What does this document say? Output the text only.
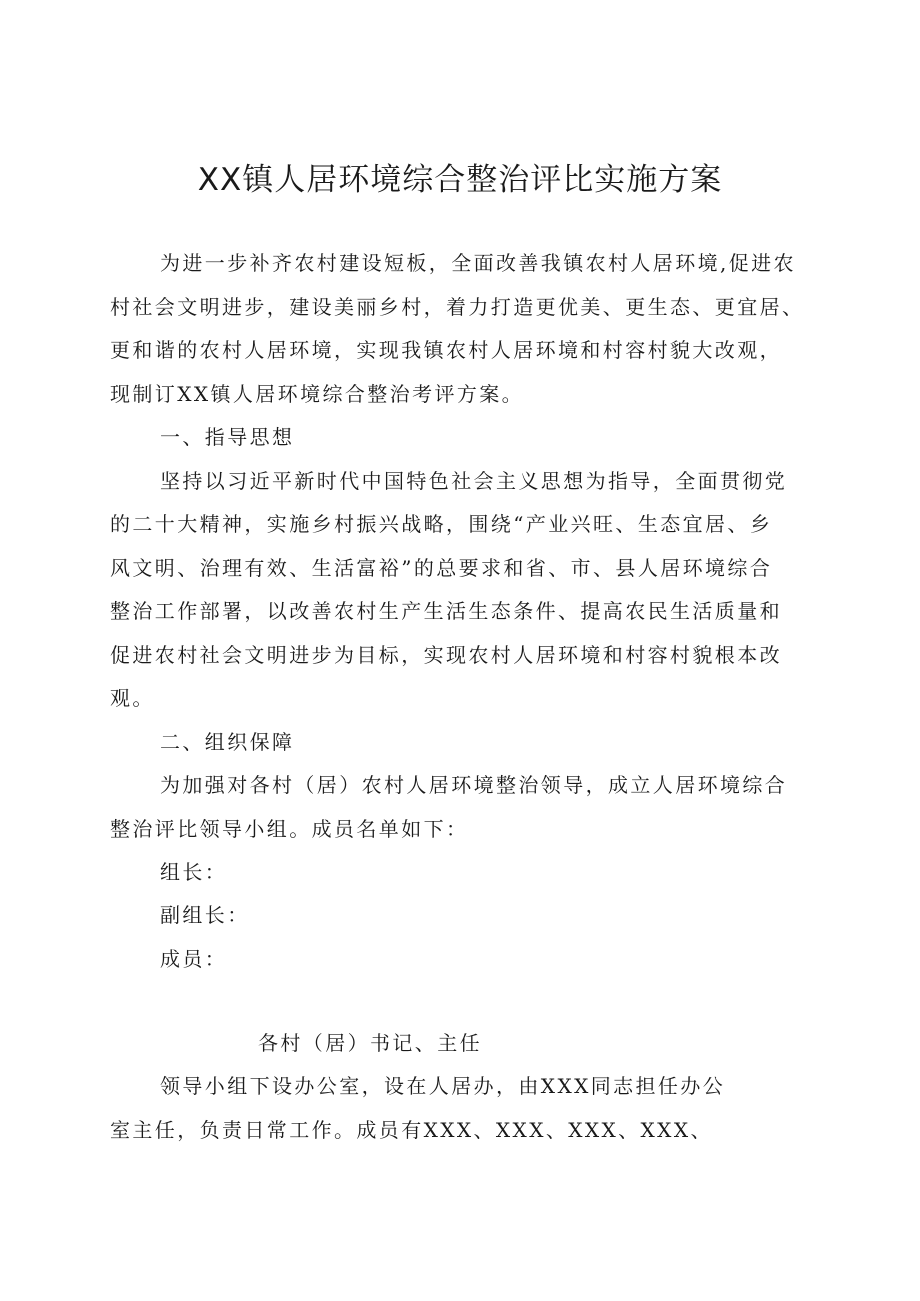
XX镇人居环境综合整治评比实施方案
为进一步补齐农村建设短板，全面改善我镇农村人居环境,促进农
村社会文明进步，建设美丽乡村，着力打造更优美、更生态、更宜居、
更和谐的农村人居环境，实现我镇农村人居环境和村容村貌大改观，
现制订XX镇人居环境综合整治考评方案。
一、指导思想
坚持以习近平新时代中国特色社会主义思想为指导，全面贯彻党
的二十大精神，实施乡村振兴战略，围绕“产业兴旺、生态宜居、乡
风文明、治理有效、生活富裕”的总要求和省、市、县人居环境综合
整治工作部署，以改善农村生产生活生态条件、提高农民生活质量和
促进农村社会文明进步为目标，实现农村人居环境和村容村貌根本改
观。
二、组织保障
为加强对各村（居）农村人居环境整治领导，成立人居环境综合
整治评比领导小组。成员名单如下：
组长：
副组长：
成员：
各村（居）书记、主任
领导小组下设办公室，设在人居办，由XXX同志担任办公
室主任，负责日常工作。成员有XXX、XXX、XXX、XXX、
